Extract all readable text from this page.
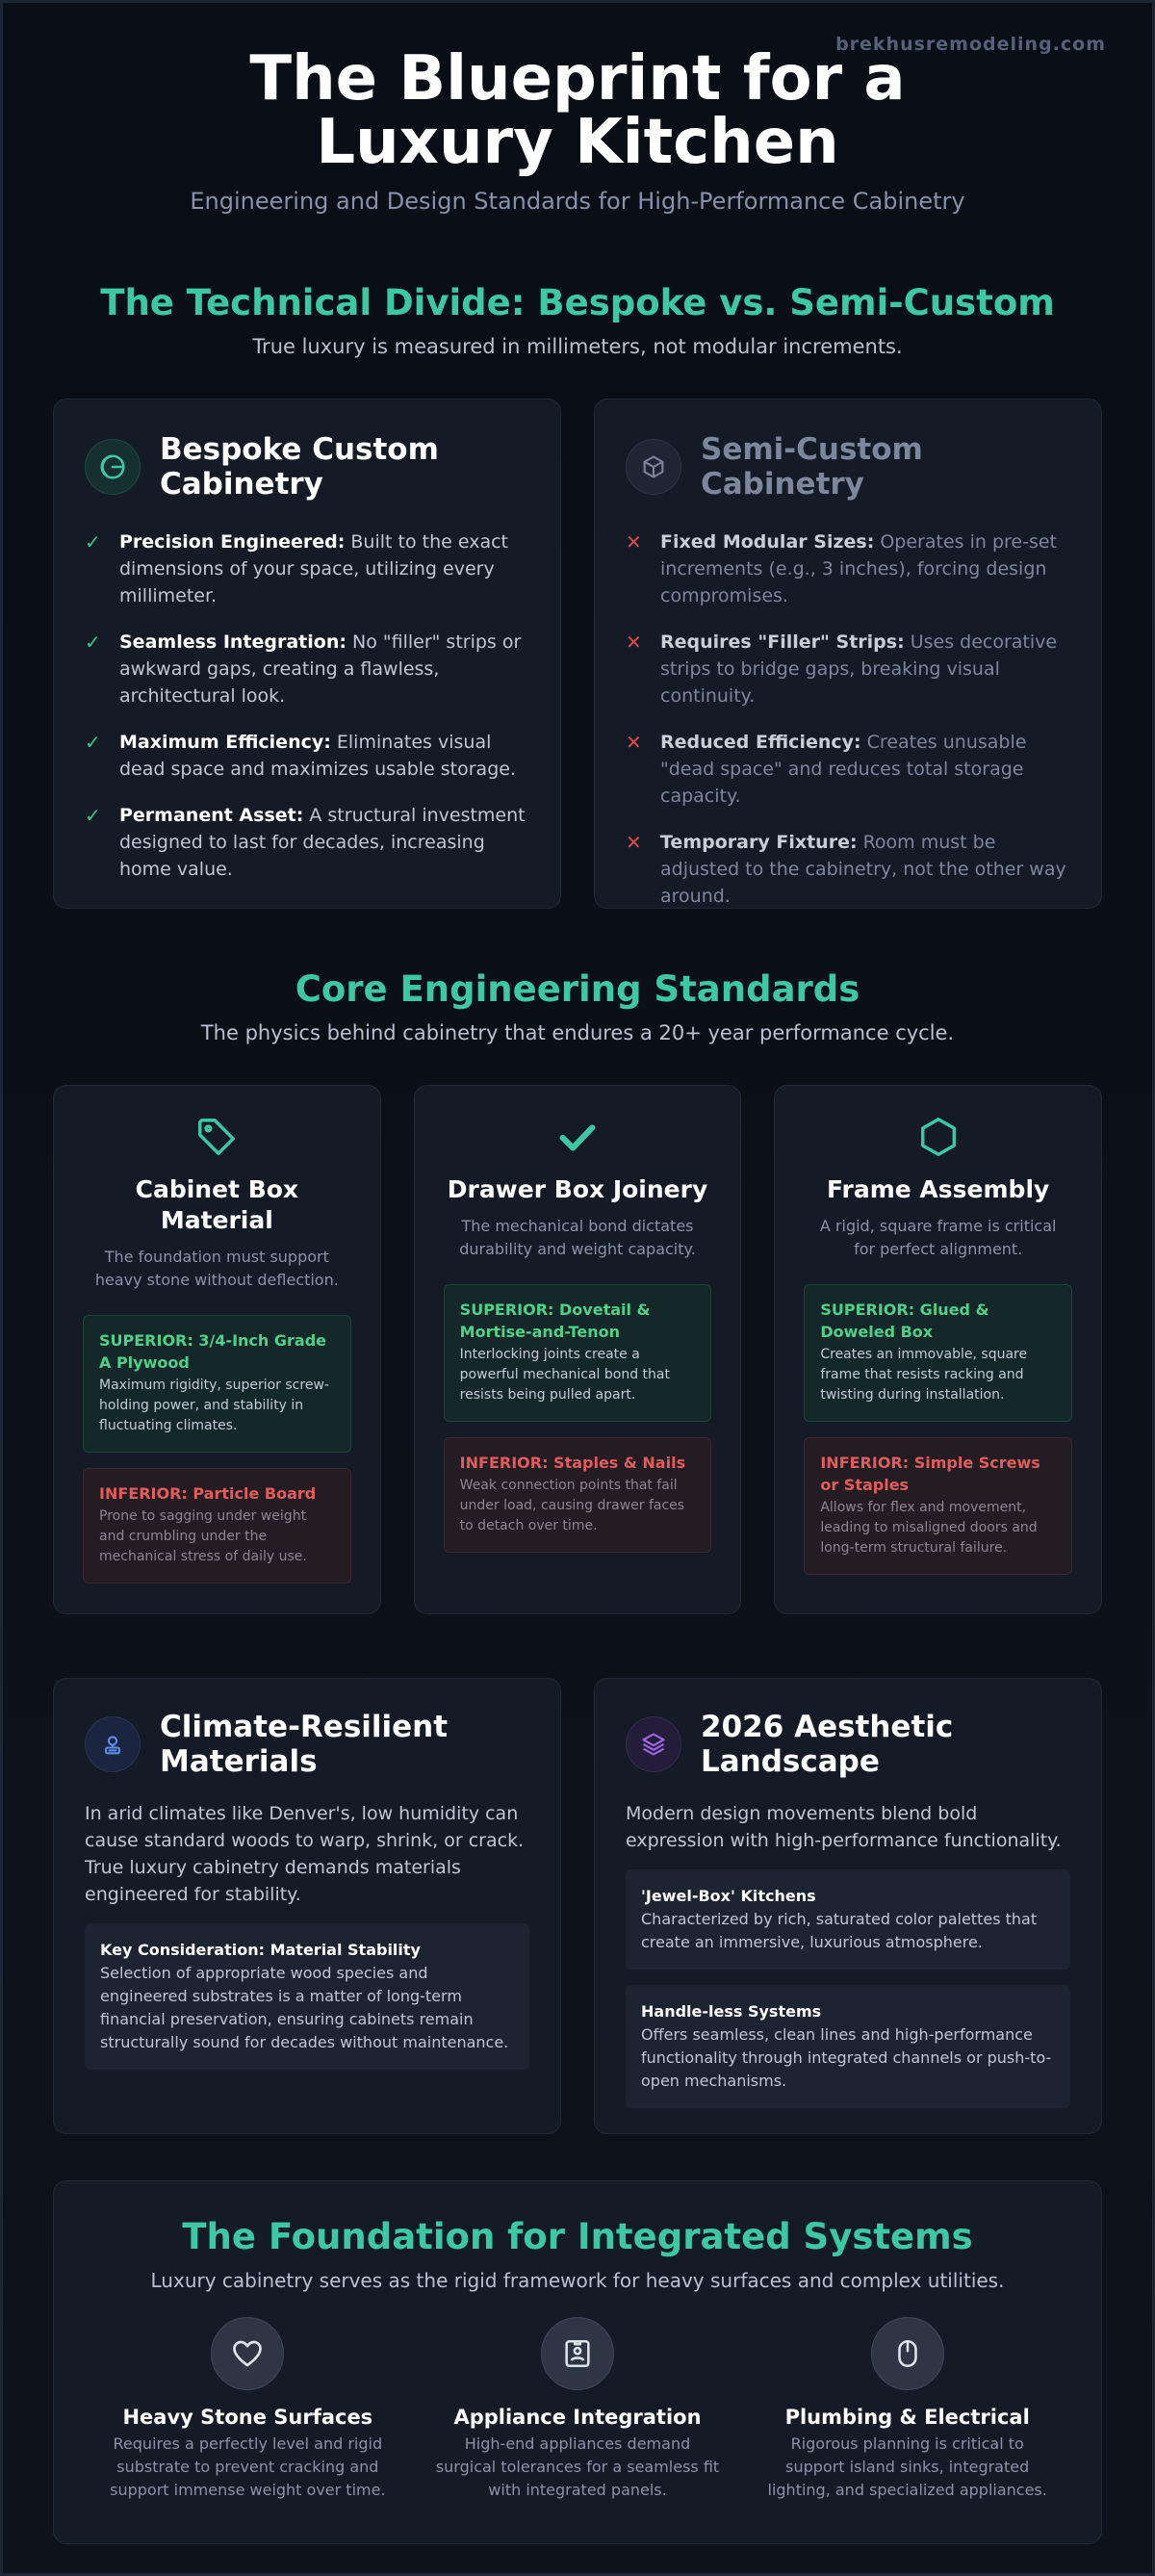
brekhusremodeling.com
The Blueprint for a Luxury Kitchen
Engineering and Design Standards for High-Performance Cabinetry
The Technical Divide: Bespoke vs. Semi-Custom
True luxury is measured in millimeters, not modular increments.
Bespoke Custom Cabinetry
✓ Precision Engineered: Built to the exact dimensions of your space, utilizing every millimeter.
✓ Seamless Integration: No "filler" strips or awkward gaps, creating a flawless, architectural look.
✓ Maximum Efficiency: Eliminates visual dead space and maximizes usable storage.
✓ Permanent Asset: A structural investment designed to last for decades, increasing home value.
Semi-Custom Cabinetry
✕ Fixed Modular Sizes: Operates in pre-set increments (e.g., 3 inches), forcing design compromises.
✕ Requires "Filler" Strips: Uses decorative strips to bridge gaps, breaking visual continuity.
✕ Reduced Efficiency: Creates unusable "dead space" and reduces total storage capacity.
✕ Temporary Fixture: Room must be adjusted to the cabinetry, not the other way around.
Core Engineering Standards
The physics behind cabinetry that endures a 20+ year performance cycle.
Cabinet Box Material
The foundation must support heavy stone without deflection.
SUPERIOR: 3/4-Inch Grade A Plywood
Maximum rigidity, superior screw-holding power, and stability in fluctuating climates.
INFERIOR: Particle Board
Prone to sagging under weight and crumbling under the mechanical stress of daily use.
Drawer Box Joinery
The mechanical bond dictates durability and weight capacity.
SUPERIOR: Dovetail & Mortise-and-Tenon
Interlocking joints create a powerful mechanical bond that resists being pulled apart.
INFERIOR: Staples & Nails
Weak connection points that fail under load, causing drawer faces to detach over time.
Frame Assembly
A rigid, square frame is critical for perfect alignment.
SUPERIOR: Glued & Doweled Box
Creates an immovable, square frame that resists racking and twisting during installation.
INFERIOR: Simple Screws or Staples
Allows for flex and movement, leading to misaligned doors and long-term structural failure.
Climate-Resilient Materials
In arid climates like Denver's, low humidity can cause standard woods to warp, shrink, or crack. True luxury cabinetry demands materials engineered for stability.
Key Consideration: Material Stability
Selection of appropriate wood species and engineered substrates is a matter of long-term financial preservation, ensuring cabinets remain structurally sound for decades without maintenance.
2026 Aesthetic Landscape
Modern design movements blend bold expression with high-performance functionality.
'Jewel-Box' Kitchens
Characterized by rich, saturated color palettes that create an immersive, luxurious atmosphere.
Handle-less Systems
Offers seamless, clean lines and high-performance functionality through integrated channels or push-to-open mechanisms.
The Foundation for Integrated Systems
Luxury cabinetry serves as the rigid framework for heavy surfaces and complex utilities.
Heavy Stone Surfaces

Requires a perfectly level and rigid substrate to prevent cracking and support immense weight over time.

Appliance Integration

High-end appliances demand surgical tolerances for a seamless fit with integrated panels.

Plumbing & Electrical

Rigorous planning is critical to support island sinks, integrated lighting, and specialized appliances.
